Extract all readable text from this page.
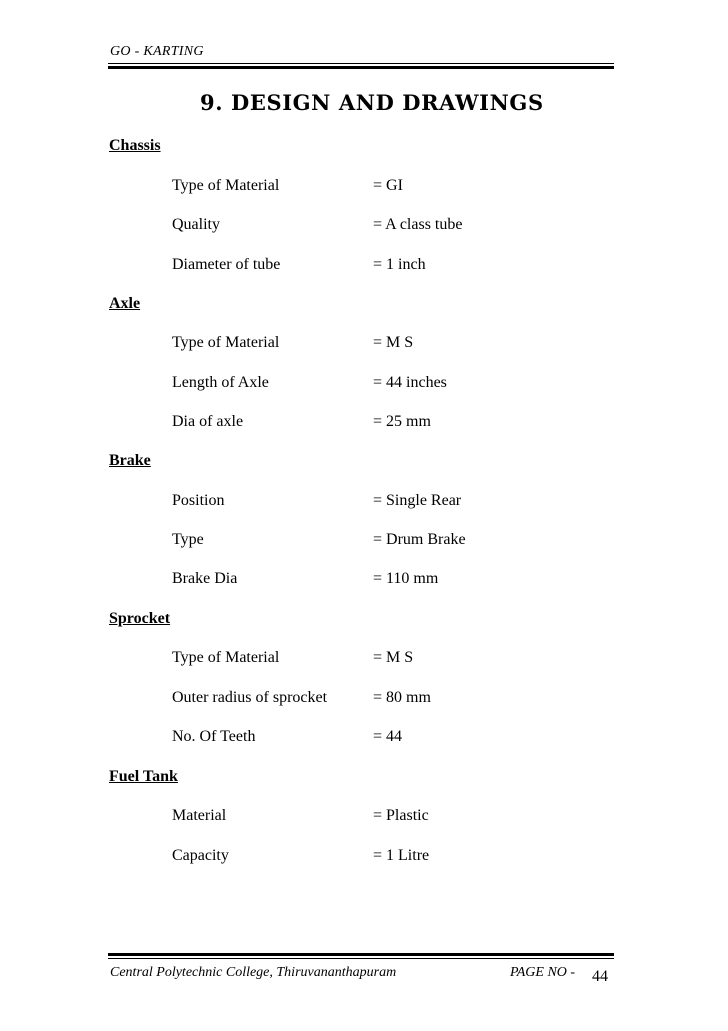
GO - KARTING
9. DESIGN AND DRAWINGS
Chassis
Type of Material	= GI
Quality	= A class tube
Diameter of tube	= 1 inch
Axle
Type of Material	= M S
Length of Axle	= 44 inches
Dia of axle	= 25 mm
Brake
Position	= Single Rear
Type	= Drum Brake
Brake Dia	= 110 mm
Sprocket
Type of Material	= M S
Outer radius of sprocket	= 80 mm
No. Of Teeth	= 44
Fuel Tank
Material	= Plastic
Capacity	= 1 Litre
Central Polytechnic College, Thiruvananthapuram	PAGE NO - 44
